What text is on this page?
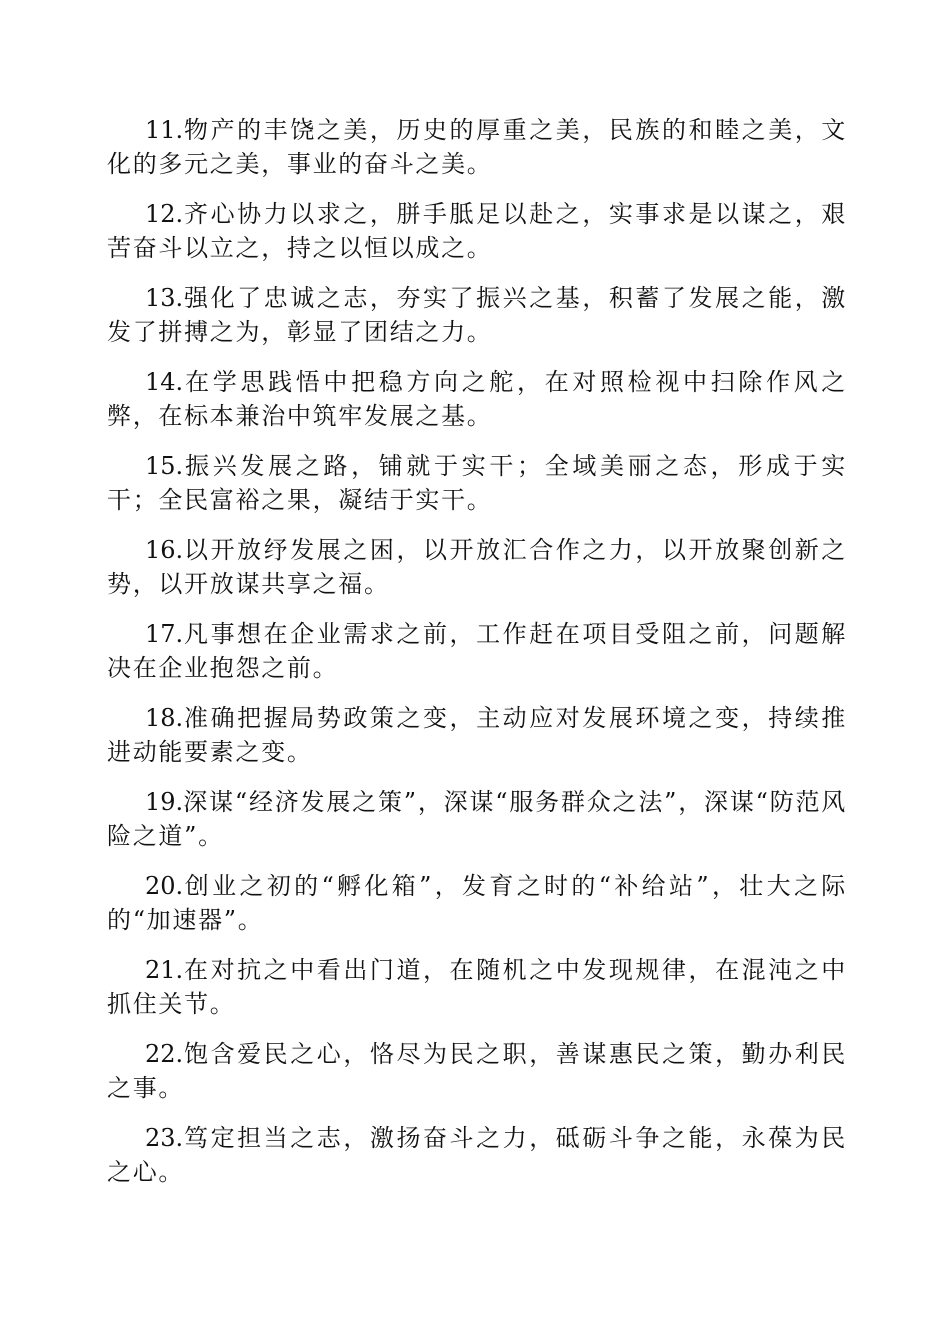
11.物产的丰饶之美，历史的厚重之美，民族的和睦之美，文化的多元之美，事业的奋斗之美。

12.齐心协力以求之，胼手胝足以赴之，实事求是以谋之，艰苦奋斗以立之，持之以恒以成之。

13.强化了忠诚之志，夯实了振兴之基，积蓄了发展之能，激发了拼搏之为，彰显了团结之力。

14.在学思践悟中把稳方向之舵，在对照检视中扫除作风之弊，在标本兼治中筑牢发展之基。

15.振兴发展之路，铺就于实干；全域美丽之态，形成于实干；全民富裕之果，凝结于实干。

16.以开放纾发展之困，以开放汇合作之力，以开放聚创新之势，以开放谋共享之福。

17.凡事想在企业需求之前，工作赶在项目受阻之前，问题解决在企业抱怨之前。

18.准确把握局势政策之变，主动应对发展环境之变，持续推进动能要素之变。

19.深谋“经济发展之策”，深谋“服务群众之法”，深谋“防范风险之道”。

20.创业之初的“孵化箱”，发育之时的“补给站”，壮大之际的“加速器”。

21.在对抗之中看出门道，在随机之中发现规律，在混沌之中抓住关节。

22.饱含爱民之心，恪尽为民之职，善谋惠民之策，勤办利民之事。

23.笃定担当之志，激扬奋斗之力，砥砺斗争之能，永葆为民之心。
